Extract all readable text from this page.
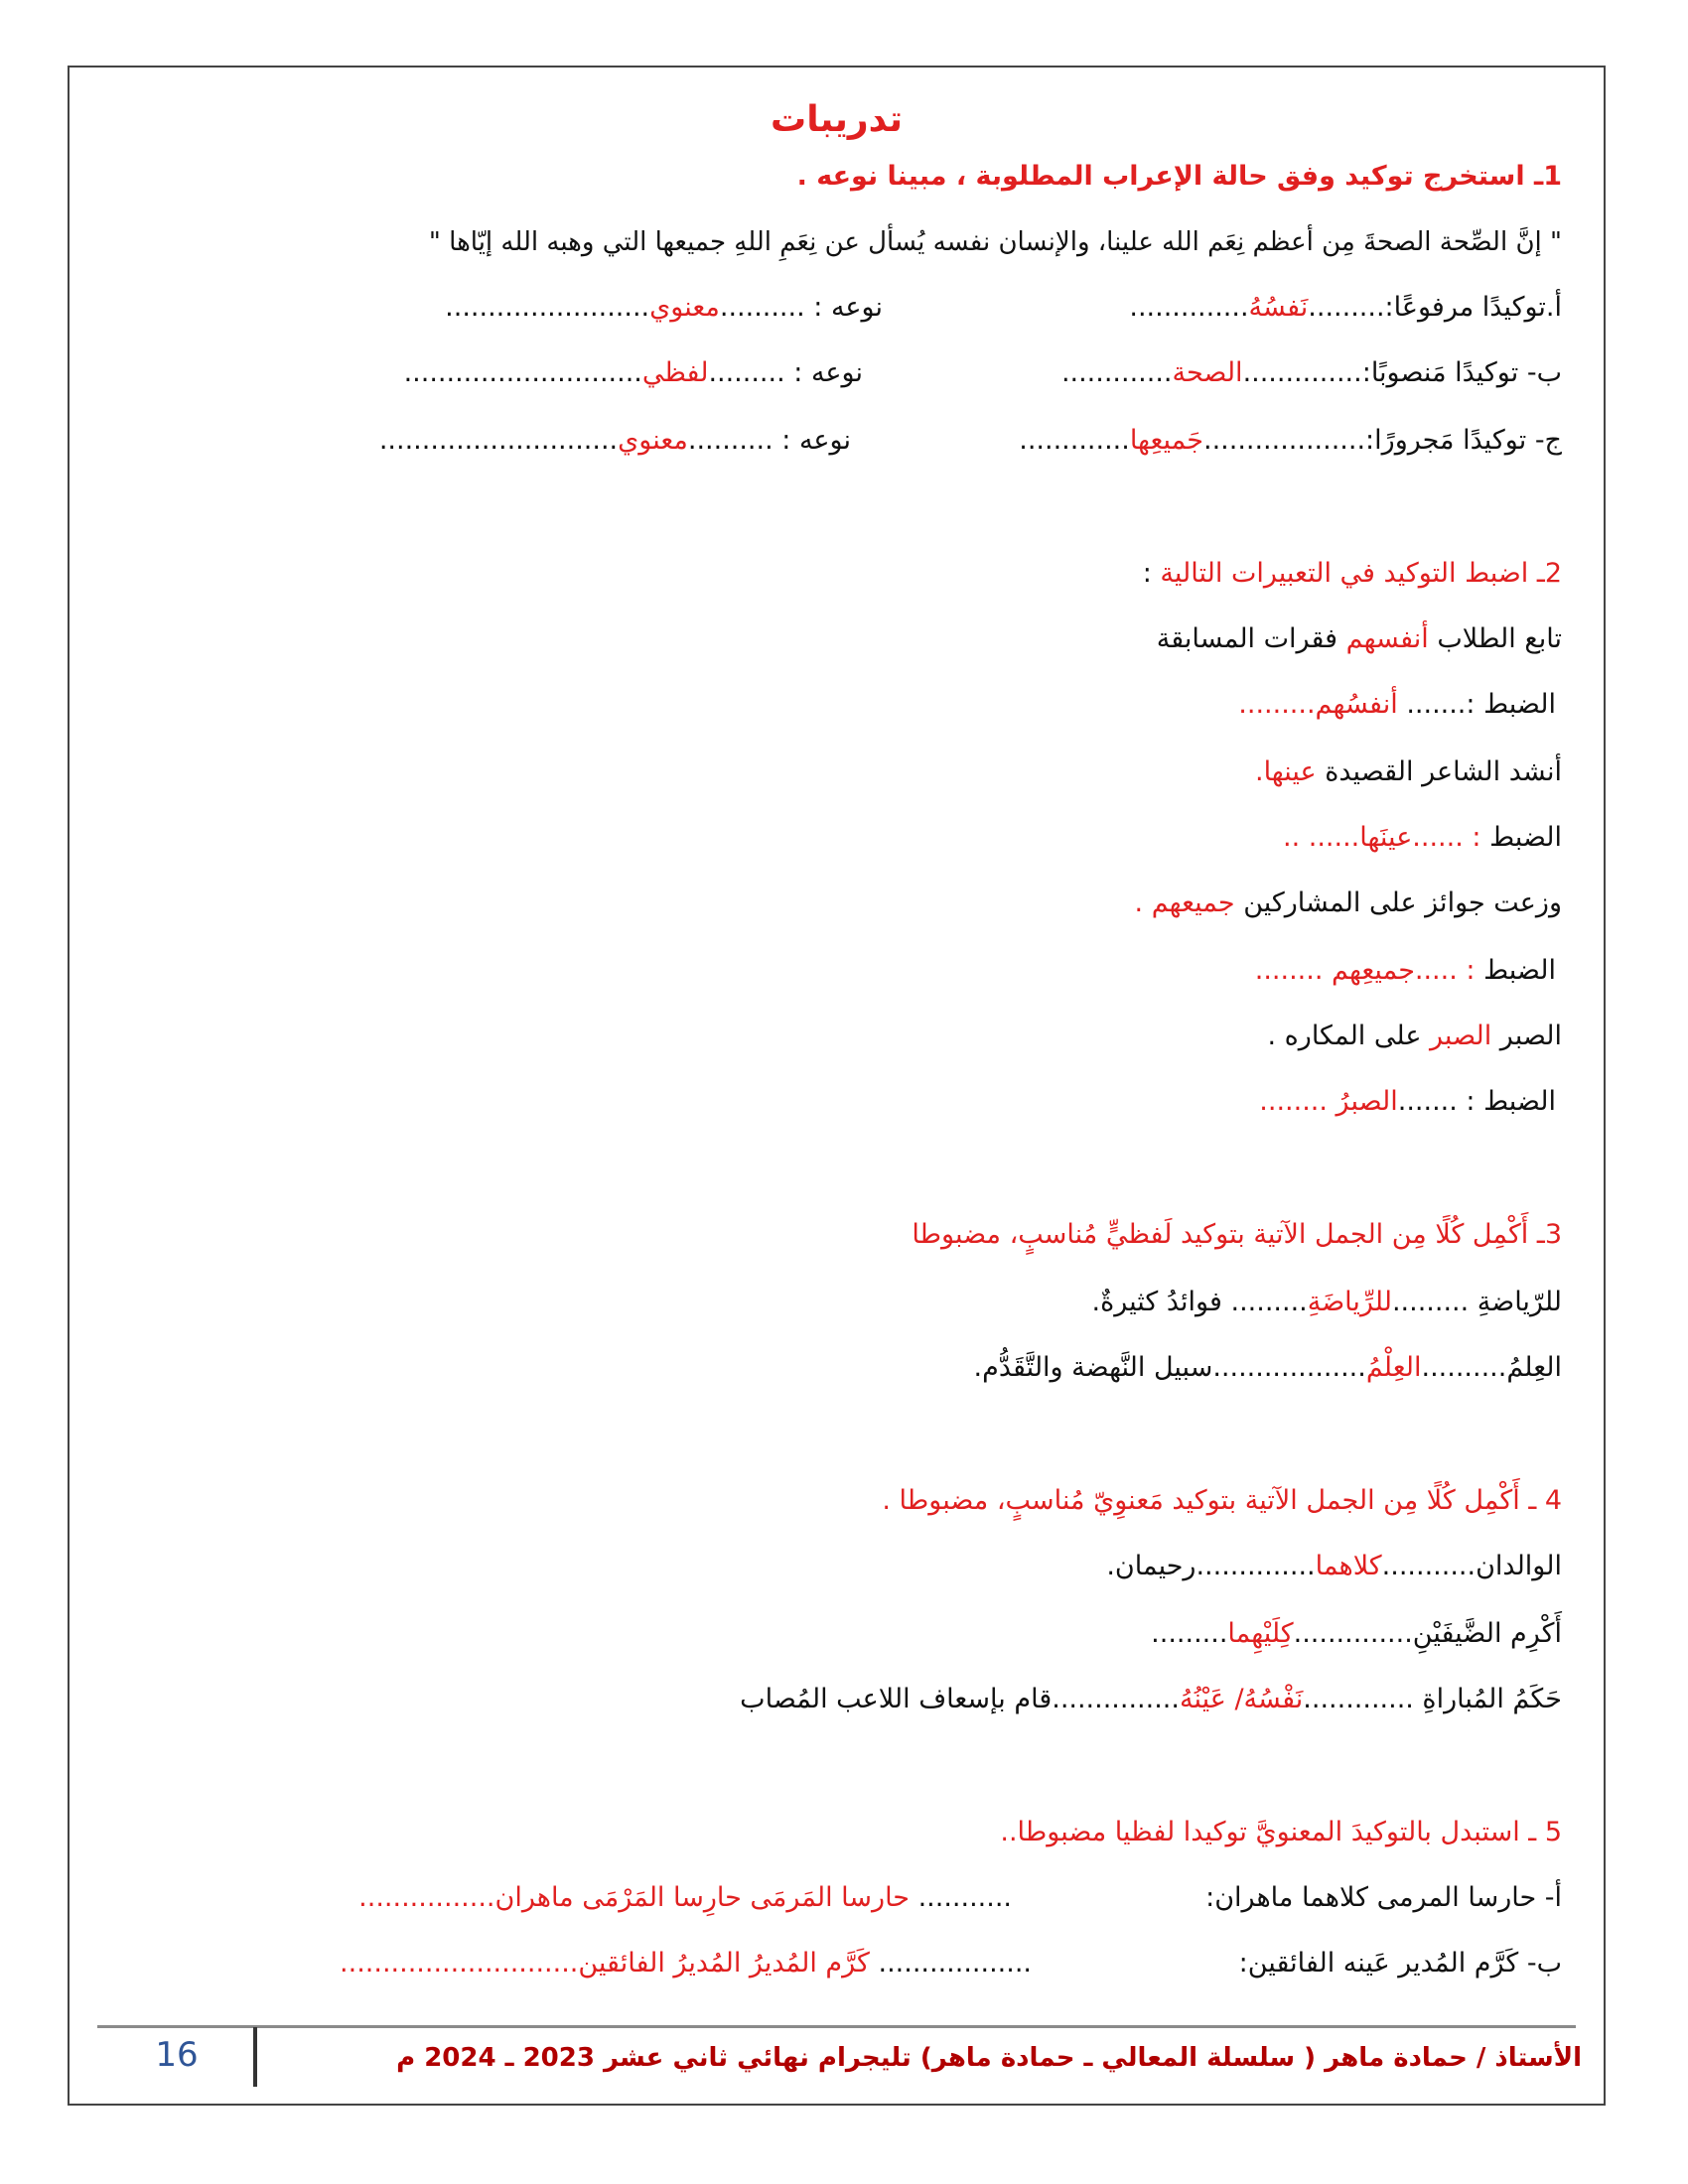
تدريبات
1ـ استخرج توكيد وفق حالة الإعراب المطلوبة ، مبينا نوعه .
" إنَّ الصِّحة الصحةَ مِن أعظم نِعَم الله علينا، والإنسان نفسه يُسأل عن نِعَمِ اللهِ جميعها التي وهبه الله إيّاها "
أ.توكيدًا مرفوعًا:.........نَفسُهُ..............
نوعه : ..........معنوي........................
ب- توكيدًا مَنصوبًا:..............الصحة.............
نوعه : .........لفظي............................
ج- توكيدًا مَجرورًا:...................جَميعِها.............
نوعه : ..........معنوي............................
2ـ اضبط التوكيد في التعبيرات التالية :
تابع الطلاب أنفسهم فقرات المسابقة
الضبط :....... أنفسُهم.........
أنشد الشاعر القصيدة عينها.
الضبط : ......عينَها...... ..
وزعت جوائز على المشاركين جميعهم .
الضبط : .....جميعِهم ........
الصبر الصبر على المكاره .
الضبط : .......الصبرُ ........
3ـ أَكْمِل كُلًا مِن الجمل الآتية بتوكيد لَفظيٍّ مُناسبٍ، مضبوطا
للرّياضةِ .........للرِّياضَةِ......... فوائدُ كثيرةٌ.
العِلمُ..........العِلْمُ..................سبيل النَّهضة والتَّقَدُّم.
4 ـ أَكْمِل كُلًا مِن الجمل الآتية بتوكيد مَعنوِيّ مُناسبٍ، مضبوطا .
الوالدان...........كلاهما..............رحيمان.
أَكْرِم الضَّيفَيْنِ..............كِلَيْهِما.........
حَكَمُ المُباراةِ .............نَفْسُهُ/ عَيْنُهُ...............قام بإسعاف اللاعب المُصاب
5 ـ استبدل بالتوكيدَ المعنويَّ توكيدا لفظيا مضبوطا..
أ- حارسا المرمى كلاهما ماهران:
........... حارسا المَرمَى حارِسا المَرْمَى ماهران................
ب- كَرَّم المُدير عَينه الفائقين:
.................. كَرَّم المُديرُ المُديرُ الفائقين............................
16	الأستاذ / حمادة ماهر ( سلسلة المعالي ـ حمادة ماهر) تليجرام نهائي ثاني عشر 2023 ـ 2024 م
